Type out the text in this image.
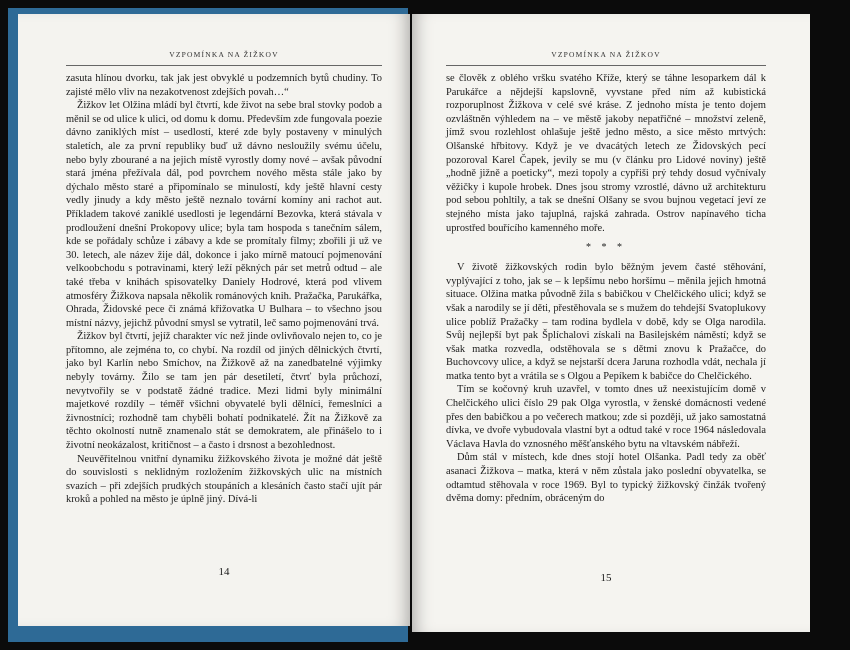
VZPOMÍNKA NA ŽIŽKOV

zasuta hlínou dvorku, tak jak jest obvyklé u podzemních bytů chudiny. To zajisté mělo vliv na nezakotvenost zdejších povah…“

Žižkov let Olžina mládí byl čtvrtí, kde život na sebe bral stovky podob a měnil se od ulice k ulici, od domu k domu. Především zde fungovala poezie dávno zaniklých míst – usedlostí, které zde byly postaveny v minulých staletích, ale za první republiky buď už dávno nesloužily svému účelu, nebo byly zbourané a na jejich místě vyrostly domy nové – avšak původní stará jména přežívala dál, pod povrchem nového města stále jako by dýchalo město staré a připomínalo se minulostí, kdy ještě hlavní cesty vedly jinudy a kdy město ještě neznalo tovární komíny ani rachot aut. Příkladem takové zaniklé usedlosti je legendární Bezovka, která stávala v prodloužení dnešní Prokopovy ulice; byla tam hospoda s tanečním sálem, kde se pořádaly schůze i zábavy a kde se promítaly filmy; zbořili ji už ve 30. letech, ale název žije dál, dokonce i jako mírně matoucí pojmenování velkoobchodu s potravinami, který leží pěkných pár set metrů odtud – ale také třeba v knihách spisovatelky Daniely Hodrové, která pod vlivem atmosféry Žižkova napsala několik románových knih. Pražačka, Parukářka, Ohrada, Židovské pece či známá křižovatka U Bulhara – to všechno jsou místní názvy, jejichž původní smysl se vytratil, leč samo pojmenování trvá.

Žižkov byl čtvrtí, jejíž charakter víc než jinde ovlivňovalo nejen to, co je přítomno, ale zejména to, co chybí. Na rozdíl od jiných dělnických čtvrtí, jako byl Karlín nebo Smíchov, na Žižkově až na zanedbatelné výjimky nebyly továrny. Žilo se tam jen pár desetiletí, čtvrť byla průchozí, nevytvořily se v podstatě žádné tradice. Mezi lidmi byly minimální majetkové rozdíly – téměř všichni obyvatelé byli dělníci, řemeslníci a živnostníci; rozhodně tam chyběli bohatí podnikatelé. Žít na Žižkově za těchto okolností nutně znamenalo stát se demokratem, ale přinášelo to i životní neokázalost, kritičnost – a často i drsnost a bezohlednost.

Neuvěřitelnou vnitřní dynamiku žižkovského života je možné dát ještě do souvislosti s neklidným rozložením žižkovských ulic na místních svazích – při zdejších prudkých stoupáních a klesáních často stačí ujít pár kroků a pohled na město je úplně jiný. Dívá-li

14
VZPOMÍNKA NA ŽIŽKOV

se člověk z oblého vršku svatého Kříže, který se táhne lesoparkem dál k Parukářce a nějdejší kapslovně, vyvstane před ním až kubistická rozporuplnost Žižkova v celé své kráse. Z jednoho místa je tento dojem ozvláštněn výhledem na – ve městě jakoby nepatřičné – množství zeleně, jímž svou rozlehlost ohlašuje ještě jedno město, a sice město mrtvých: Olšanské hřbitovy. Když je ve dvacátých letech ze Židovských pecí pozoroval Karel Čapek, jevily se mu (v článku pro Lidové noviny) ještě „hodně jižně a poeticky“, mezi topoly a cypřiši prý tehdy dosud vyčnívaly věžičky i kupole hrobek. Dnes jsou stromy vzrostlé, dávno už architekturu pod sebou pohltily, a tak se dnešní Olšany se svou bujnou vegetací jeví ze stejného místa jako tajuplná, rajská zahrada. Ostrov napínavého ticha uprostřed bouřícího kamenného moře.

* * *

V životě žižkovských rodin bylo běžným jevem časté stěhování, vyplývající z toho, jak se – k lepšímu nebo horšímu – měnila jejich hmotná situace. Olžina matka původně žila s babičkou v Chelčického ulici; když se však a narodily se jí děti, přestěhovala se s mužem do tehdejší Svatoplukovy ulice poblíž Pražačky – tam rodina bydlela v době, kdy se Olga narodila. Svůj nejlepší byt pak Šplíchalovi získali na Basilejském náměstí; když se však matka rozvedla, odstěhovala se s dětmi znovu k Pražačce, do Buchovcovy ulice, a když se nejstarší dcera Jaruna rozhodla vdát, nechala jí matka tento byt a vrátila se s Olgou a Pepíkem k babičce do Chelčického.

Tím se kočovný kruh uzavřel, v tomto dnes už neexistujícím domě v Chelčického ulici číslo 29 pak Olga vyrostla, v ženské domácnosti vedené přes den babičkou a po večerech matkou; zde si později, už jako samostatná dívka, ve dvoře vybudovala vlastní byt a odtud také v roce 1964 následovala Václava Havla do vznosného měšťanského bytu na vltavském nábřeží.

Dům stál v místech, kde dnes stojí hotel Olšanka. Padl tedy za oběť asanaci Žižkova – matka, která v něm zůstala jako poslední obyvatelka, se odtamtud stěhovala v roce 1969. Byl to typický žižkovský činžák tvořený dvěma domy: předním, obráceným do

15
